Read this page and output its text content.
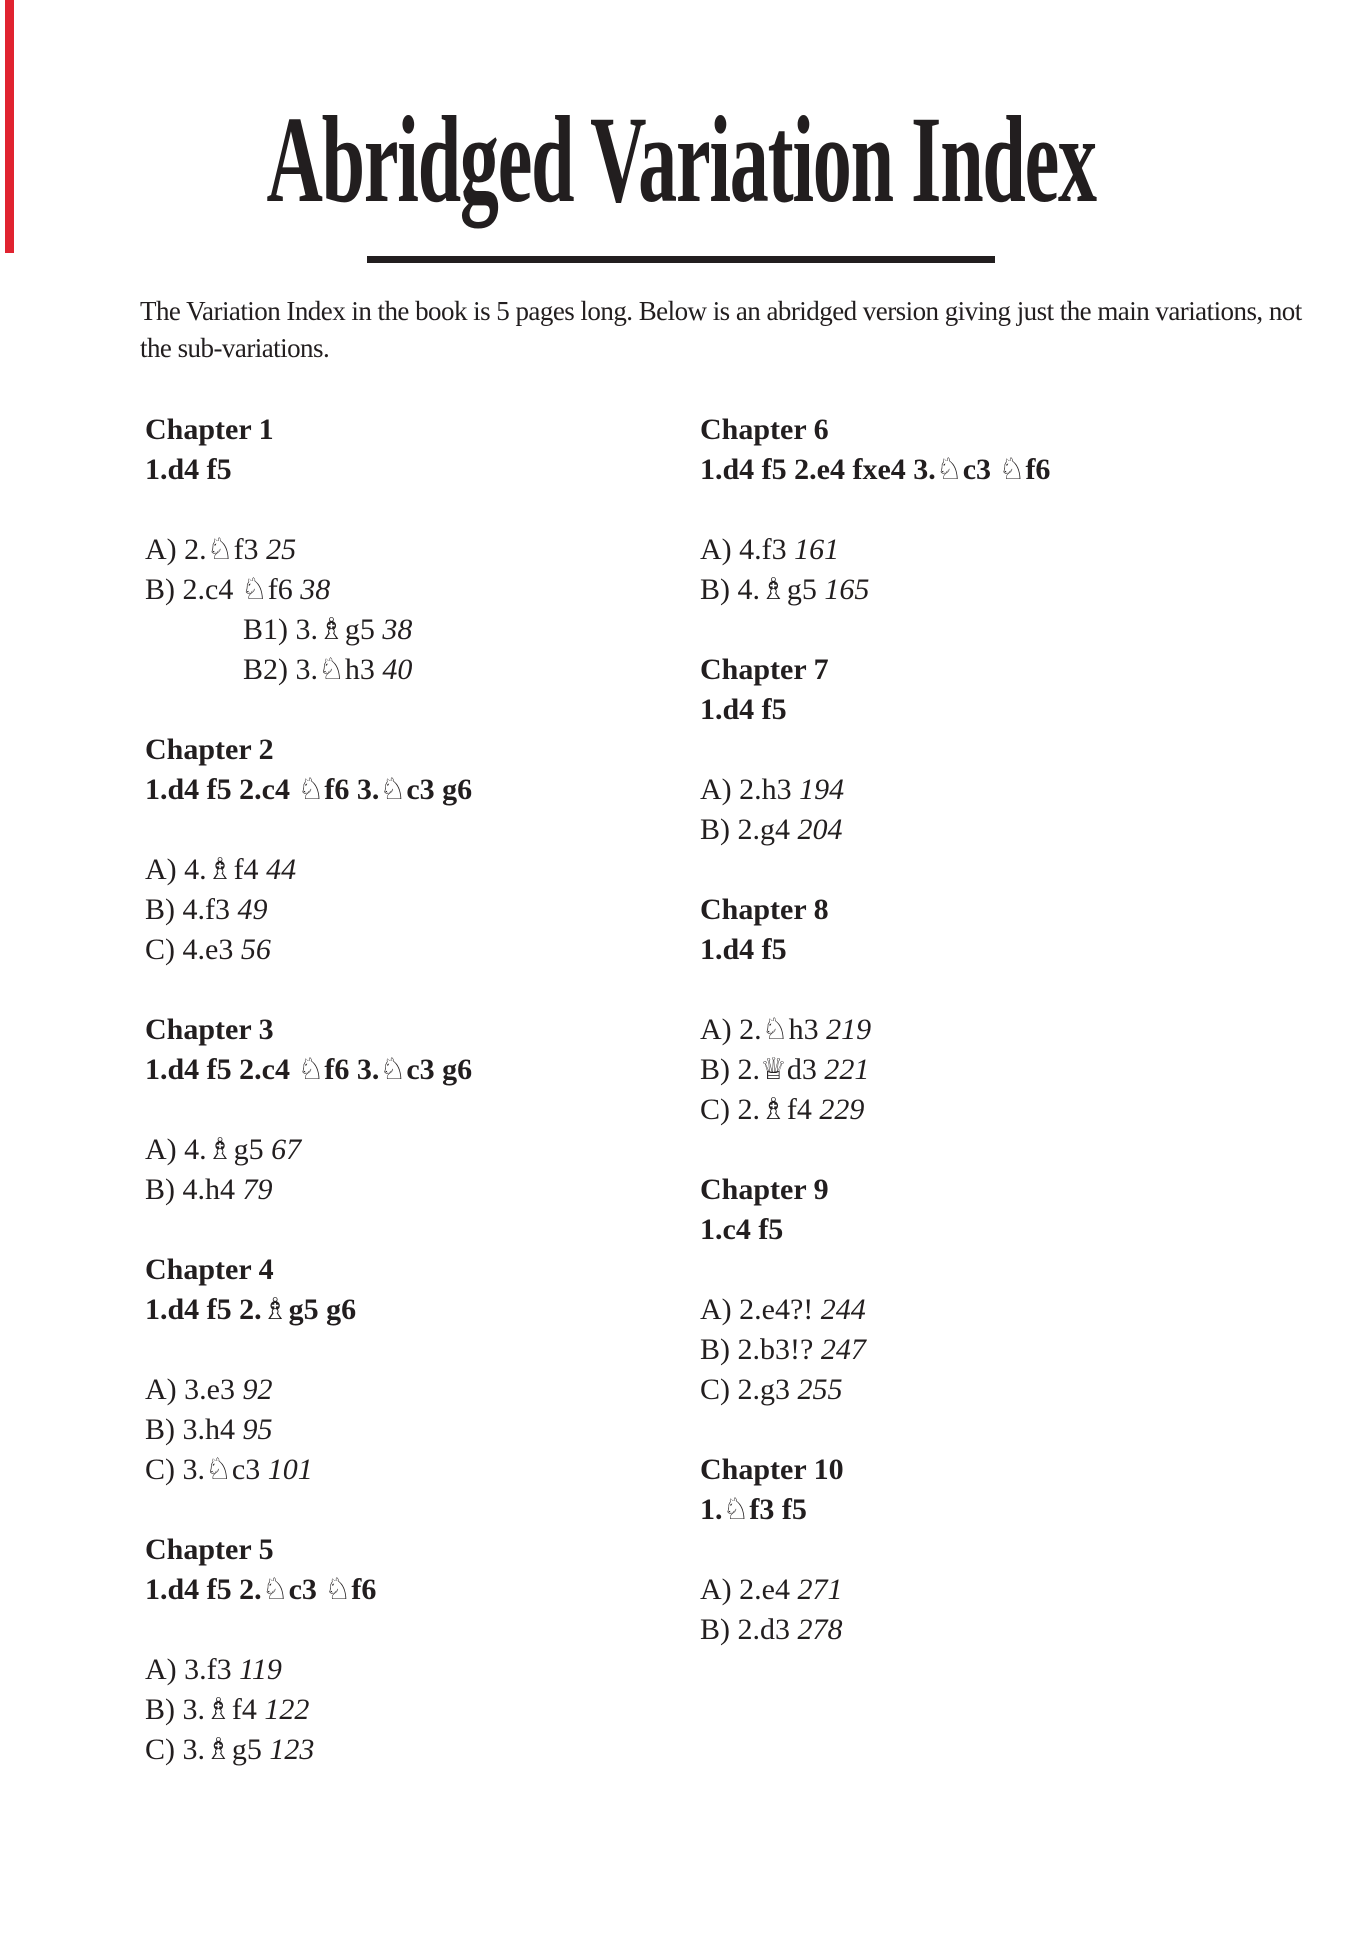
Abridged Variation Index

The Variation Index in the book is 5 pages long. Below is an abridged version giving just the main variations, not the sub-variations.

Chapter 1
1.d4 f5
A) 2.♘f3 25
B) 2.c4 ♘f6 38
B1) 3.♗g5 38
B2) 3.♘h3 40
Chapter 2
1.d4 f5 2.c4 ♘f6 3.♘c3 g6
A) 4.♗f4 44
B) 4.f3 49
C) 4.e3 56
Chapter 3
1.d4 f5 2.c4 ♘f6 3.♘c3 g6
A) 4.♗g5 67
B) 4.h4 79
Chapter 4
1.d4 f5 2.♗g5 g6
A) 3.e3 92
B) 3.h4 95
C) 3.♘c3 101
Chapter 5
1.d4 f5 2.♘c3 ♘f6
A) 3.f3 119
B) 3.♗f4 122
C) 3.♗g5 123
Chapter 6
1.d4 f5 2.e4 fxe4 3.♘c3 ♘f6
A) 4.f3 161
B) 4.♗g5 165
Chapter 7
1.d4 f5
A) 2.h3 194
B) 2.g4 204
Chapter 8
1.d4 f5
A) 2.♘h3 219
B) 2.♕d3 221
C) 2.♗f4 229
Chapter 9
1.c4 f5
A) 2.e4?! 244
B) 2.b3!? 247
C) 2.g3 255
Chapter 10
1.♘f3 f5
A) 2.e4 271
B) 2.d3 278
